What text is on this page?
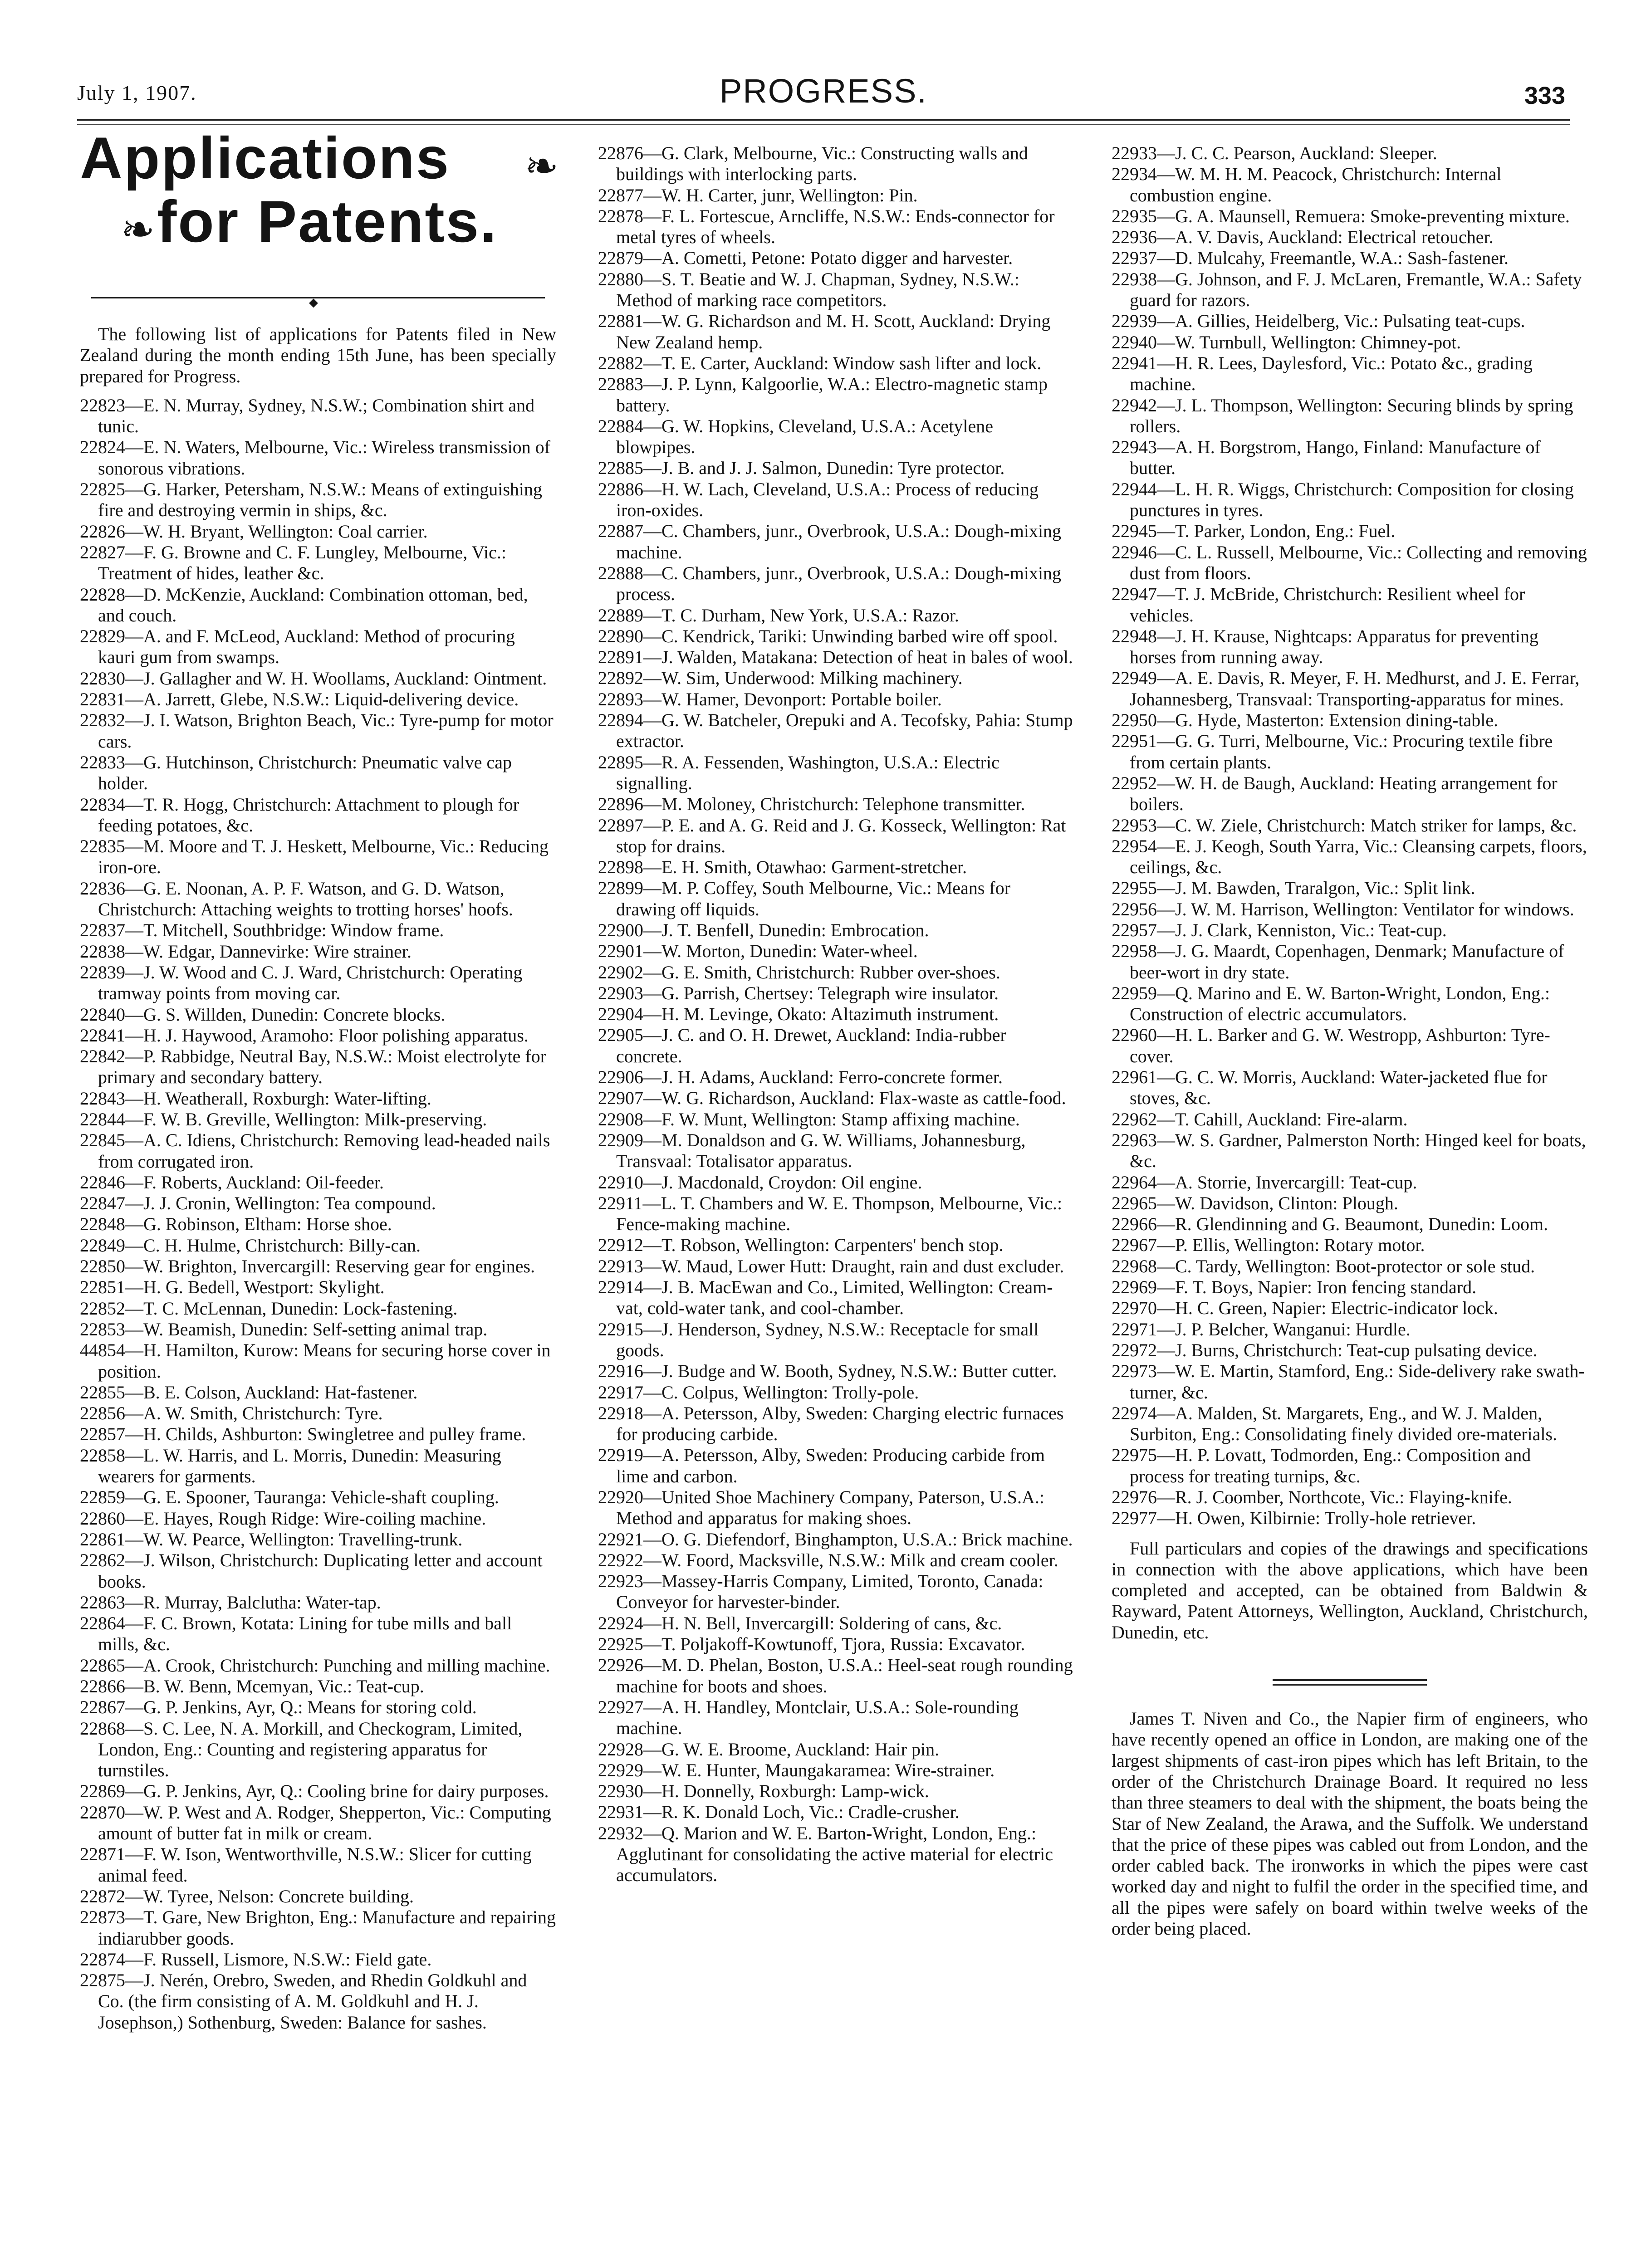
July 1, 1907.	PROGRESS.	333
Applications ❧
❧ for Patents.
◆

The following list of applications for Patents filed in New Zealand during the month ending 15th June, has been specially prepared for Progress.

22823—E. N. Murray, Sydney, N.S.W.; Combination shirt and tunic.

22824—E. N. Waters, Melbourne, Vic.: Wireless transmission of sonorous vibrations.

22825—G. Harker, Petersham, N.S.W.: Means of extinguishing fire and destroying vermin in ships, &c.

22826—W. H. Bryant, Wellington: Coal carrier.

22827—F. G. Browne and C. F. Lungley, Melbourne, Vic.: Treatment of hides, leather &c.

22828—D. McKenzie, Auckland: Combination ottoman, bed, and couch.

22829—A. and F. McLeod, Auckland: Method of procuring kauri gum from swamps.

22830—J. Gallagher and W. H. Woollams, Auckland: Ointment.

22831—A. Jarrett, Glebe, N.S.W.: Liquid-delivering device.

22832—J. I. Watson, Brighton Beach, Vic.: Tyre-pump for motor cars.

22833—G. Hutchinson, Christchurch: Pneumatic valve cap holder.

22834—T. R. Hogg, Christchurch: Attachment to plough for feeding potatoes, &c.

22835—M. Moore and T. J. Heskett, Melbourne, Vic.: Reducing iron-ore.

22836—G. E. Noonan, A. P. F. Watson, and G. D. Watson, Christchurch: Attaching weights to trotting horses' hoofs.

22837—T. Mitchell, Southbridge: Window frame.

22838—W. Edgar, Dannevirke: Wire strainer.

22839—J. W. Wood and C. J. Ward, Christchurch: Operating tramway points from moving car.

22840—G. S. Willden, Dunedin: Concrete blocks.

22841—H. J. Haywood, Aramoho: Floor polishing apparatus.

22842—P. Rabbidge, Neutral Bay, N.S.W.: Moist electrolyte for primary and secondary battery.

22843—H. Weatherall, Roxburgh: Water-lifting.

22844—F. W. B. Greville, Wellington: Milk-preserving.

22845—A. C. Idiens, Christchurch: Removing lead-headed nails from corrugated iron.

22846—F. Roberts, Auckland: Oil-feeder.

22847—J. J. Cronin, Wellington: Tea compound.

22848—G. Robinson, Eltham: Horse shoe.

22849—C. H. Hulme, Christchurch: Billy-can.

22850—W. Brighton, Invercargill: Reserving gear for engines.

22851—H. G. Bedell, Westport: Skylight.

22852—T. C. McLennan, Dunedin: Lock-fastening.

22853—W. Beamish, Dunedin: Self-setting animal trap.

44854—H. Hamilton, Kurow: Means for securing horse cover in position.

22855—B. E. Colson, Auckland: Hat-fastener.

22856—A. W. Smith, Christchurch: Tyre.

22857—H. Childs, Ashburton: Swingletree and pulley frame.

22858—L. W. Harris, and L. Morris, Dunedin: Measuring wearers for garments.

22859—G. E. Spooner, Tauranga: Vehicle-shaft coupling.

22860—E. Hayes, Rough Ridge: Wire-coiling machine.

22861—W. W. Pearce, Wellington: Travelling-trunk.

22862—J. Wilson, Christchurch: Duplicating letter and account books.

22863—R. Murray, Balclutha: Water-tap.

22864—F. C. Brown, Kotata: Lining for tube mills and ball mills, &c.

22865—A. Crook, Christchurch: Punching and milling machine.

22866—B. W. Benn, Mcemyan, Vic.: Teat-cup.

22867—G. P. Jenkins, Ayr, Q.: Means for storing cold.

22868—S. C. Lee, N. A. Morkill, and Checkogram, Limited, London, Eng.: Counting and registering apparatus for turnstiles.

22869—G. P. Jenkins, Ayr, Q.: Cooling brine for dairy purposes.

22870—W. P. West and A. Rodger, Shepperton, Vic.: Computing amount of butter fat in milk or cream.

22871—F. W. Ison, Wentworthville, N.S.W.: Slicer for cutting animal feed.

22872—W. Tyree, Nelson: Concrete building.

22873—T. Gare, New Brighton, Eng.: Manufacture and repairing indiarubber goods.

22874—F. Russell, Lismore, N.S.W.: Field gate.

22875—J. Nerén, Orebro, Sweden, and Rhedin Goldkuhl and Co. (the firm consisting of A. M. Goldkuhl and H. J. Josephson,) Sothenburg, Sweden: Balance for sashes.

22876—G. Clark, Melbourne, Vic.: Constructing walls and buildings with interlocking parts.

22877—W. H. Carter, junr, Wellington: Pin.

22878—F. L. Fortescue, Arncliffe, N.S.W.: Ends-connector for metal tyres of wheels.

22879—A. Cometti, Petone: Potato digger and harvester.

22880—S. T. Beatie and W. J. Chapman, Sydney, N.S.W.: Method of marking race competitors.

22881—W. G. Richardson and M. H. Scott, Auckland: Drying New Zealand hemp.

22882—T. E. Carter, Auckland: Window sash lifter and lock.

22883—J. P. Lynn, Kalgoorlie, W.A.: Electro-magnetic stamp battery.

22884—G. W. Hopkins, Cleveland, U.S.A.: Acetylene blowpipes.

22885—J. B. and J. J. Salmon, Dunedin: Tyre protector.

22886—H. W. Lach, Cleveland, U.S.A.: Process of reducing iron-oxides.

22887—C. Chambers, junr., Overbrook, U.S.A.: Dough-mixing machine.

22888—C. Chambers, junr., Overbrook, U.S.A.: Dough-mixing process.

22889—T. C. Durham, New York, U.S.A.: Razor.

22890—C. Kendrick, Tariki: Unwinding barbed wire off spool.

22891—J. Walden, Matakana: Detection of heat in bales of wool.

22892—W. Sim, Underwood: Milking machinery.

22893—W. Hamer, Devonport: Portable boiler.

22894—G. W. Batcheler, Orepuki and A. Tecofsky, Pahia: Stump extractor.

22895—R. A. Fessenden, Washington, U.S.A.: Electric signalling.

22896—M. Moloney, Christchurch: Telephone transmitter.

22897—P. E. and A. G. Reid and J. G. Kosseck, Wellington: Rat stop for drains.

22898—E. H. Smith, Otawhao: Garment-stretcher.

22899—M. P. Coffey, South Melbourne, Vic.: Means for drawing off liquids.

22900—J. T. Benfell, Dunedin: Embrocation.

22901—W. Morton, Dunedin: Water-wheel.

22902—G. E. Smith, Christchurch: Rubber over-shoes.

22903—G. Parrish, Chertsey: Telegraph wire insulator.

22904—H. M. Levinge, Okato: Altazimuth instrument.

22905—J. C. and O. H. Drewet, Auckland: India-rubber concrete.

22906—J. H. Adams, Auckland: Ferro-concrete former.

22907—W. G. Richardson, Auckland: Flax-waste as cattle-food.

22908—F. W. Munt, Wellington: Stamp affixing machine.

22909—M. Donaldson and G. W. Williams, Johannesburg, Transvaal: Totalisator apparatus.

22910—J. Macdonald, Croydon: Oil engine.

22911—L. T. Chambers and W. E. Thompson, Melbourne, Vic.: Fence-making machine.

22912—T. Robson, Wellington: Carpenters' bench stop.

22913—W. Maud, Lower Hutt: Draught, rain and dust excluder.

22914—J. B. MacEwan and Co., Limited, Wellington: Cream-vat, cold-water tank, and cool-chamber.

22915—J. Henderson, Sydney, N.S.W.: Receptacle for small goods.

22916—J. Budge and W. Booth, Sydney, N.S.W.: Butter cutter.

22917—C. Colpus, Wellington: Trolly-pole.

22918—A. Petersson, Alby, Sweden: Charging electric furnaces for producing carbide.

22919—A. Petersson, Alby, Sweden: Producing carbide from lime and carbon.

22920—United Shoe Machinery Company, Paterson, U.S.A.: Method and apparatus for making shoes.

22921—O. G. Diefendorf, Binghampton, U.S.A.: Brick machine.

22922—W. Foord, Macksville, N.S.W.: Milk and cream cooler.

22923—Massey-Harris Company, Limited, Toronto, Canada: Conveyor for harvester-binder.

22924—H. N. Bell, Invercargill: Soldering of cans, &c.

22925—T. Poljakoff-Kowtunoff, Tjora, Russia: Excavator.

22926—M. D. Phelan, Boston, U.S.A.: Heel-seat rough rounding machine for boots and shoes.

22927—A. H. Handley, Montclair, U.S.A.: Sole-rounding machine.

22928—G. W. E. Broome, Auckland: Hair pin.

22929—W. E. Hunter, Maungakaramea: Wire-strainer.

22930—H. Donnelly, Roxburgh: Lamp-wick.

22931—R. K. Donald Loch, Vic.: Cradle-crusher.

22932—Q. Marion and W. E. Barton-Wright, London, Eng.: Agglutinant for consolidating the active material for electric accumulators.

22933—J. C. C. Pearson, Auckland: Sleeper.

22934—W. M. H. M. Peacock, Christchurch: Internal combustion engine.

22935—G. A. Maunsell, Remuera: Smoke-preventing mixture.

22936—A. V. Davis, Auckland: Electrical retoucher.

22937—D. Mulcahy, Freemantle, W.A.: Sash-fastener.

22938—G. Johnson, and F. J. McLaren, Fremantle, W.A.: Safety guard for razors.

22939—A. Gillies, Heidelberg, Vic.: Pulsating teat-cups.

22940—W. Turnbull, Wellington: Chimney-pot.

22941—H. R. Lees, Daylesford, Vic.: Potato &c., grading machine.

22942—J. L. Thompson, Wellington: Securing blinds by spring rollers.

22943—A. H. Borgstrom, Hango, Finland: Manufacture of butter.

22944—L. H. R. Wiggs, Christchurch: Composition for closing punctures in tyres.

22945—T. Parker, London, Eng.: Fuel.

22946—C. L. Russell, Melbourne, Vic.: Collecting and removing dust from floors.

22947—T. J. McBride, Christchurch: Resilient wheel for vehicles.

22948—J. H. Krause, Nightcaps: Apparatus for preventing horses from running away.

22949—A. E. Davis, R. Meyer, F. H. Medhurst, and J. E. Ferrar, Johannesberg, Transvaal: Transporting-apparatus for mines.

22950—G. Hyde, Masterton: Extension dining-table.

22951—G. G. Turri, Melbourne, Vic.: Procuring textile fibre from certain plants.

22952—W. H. de Baugh, Auckland: Heating arrangement for boilers.

22953—C. W. Ziele, Christchurch: Match striker for lamps, &c.

22954—E. J. Keogh, South Yarra, Vic.: Cleansing carpets, floors, ceilings, &c.

22955—J. M. Bawden, Traralgon, Vic.: Split link.

22956—J. W. M. Harrison, Wellington: Ventilator for windows.

22957—J. J. Clark, Kenniston, Vic.: Teat-cup.

22958—J. G. Maardt, Copenhagen, Denmark; Manufacture of beer-wort in dry state.

22959—Q. Marino and E. W. Barton-Wright, London, Eng.: Construction of electric accumulators.

22960—H. L. Barker and G. W. Westropp, Ashburton: Tyre-cover.

22961—G. C. W. Morris, Auckland: Water-jacketed flue for stoves, &c.

22962—T. Cahill, Auckland: Fire-alarm.

22963—W. S. Gardner, Palmerston North: Hinged keel for boats, &c.

22964—A. Storrie, Invercargill: Teat-cup.

22965—W. Davidson, Clinton: Plough.

22966—R. Glendinning and G. Beaumont, Dunedin: Loom.

22967—P. Ellis, Wellington: Rotary motor.

22968—C. Tardy, Wellington: Boot-protector or sole stud.

22969—F. T. Boys, Napier: Iron fencing standard.

22970—H. C. Green, Napier: Electric-indicator lock.

22971—J. P. Belcher, Wanganui: Hurdle.

22972—J. Burns, Christchurch: Teat-cup pulsating device.

22973—W. E. Martin, Stamford, Eng.: Side-delivery rake swath-turner, &c.

22974—A. Malden, St. Margarets, Eng., and W. J. Malden, Surbiton, Eng.: Consolidating finely divided ore-materials.

22975—H. P. Lovatt, Todmorden, Eng.: Composition and process for treating turnips, &c.

22976—R. J. Coomber, Northcote, Vic.: Flaying-knife.

22977—H. Owen, Kilbirnie: Trolly-hole retriever.

Full particulars and copies of the drawings and specifications in connection with the above applications, which have been completed and accepted, can be obtained from Baldwin & Rayward, Patent Attorneys, Wellington, Auckland, Christchurch, Dunedin, etc.

James T. Niven and Co., the Napier firm of engineers, who have recently opened an office in London, are making one of the largest shipments of cast-iron pipes which has left Britain, to the order of the Christchurch Drainage Board. It required no less than three steamers to deal with the shipment, the boats being the Star of New Zealand, the Arawa, and the Suffolk. We understand that the price of these pipes was cabled out from London, and the order cabled back. The ironworks in which the pipes were cast worked day and night to fulfil the order in the specified time, and all the pipes were safely on board within twelve weeks of the order being placed.
